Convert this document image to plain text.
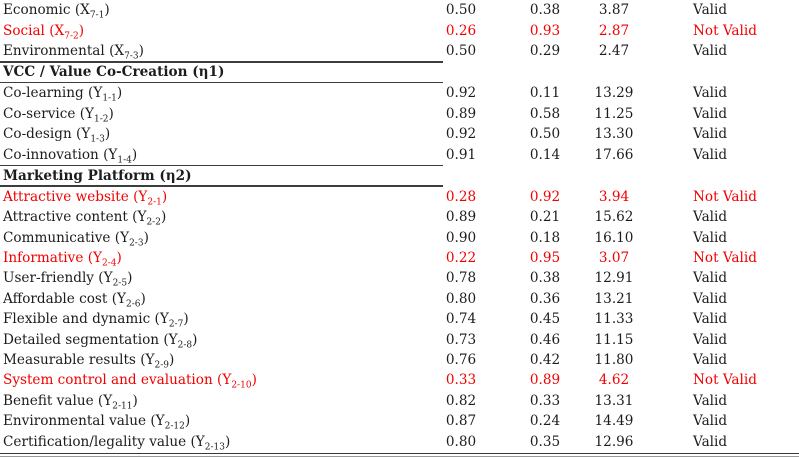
Economic $(X_{7-1})$	0.50	0.38	3.87	Valid
Social $(X_{7-2})$	0.26	0.93	2.87	Not Valid
Environmental $(X_{7-3})$	0.50	0.29	2.47	Valid
VCC / Value Co-Creation (η1)
Co-learning $(Y_{1-1})$	0.92	0.11	13.29	Valid
Co-service $(Y_{1-2})$	0.89	0.58	11.25	Valid
Co-design $(Y_{1-3})$	0.92	0.50	13.30	Valid
Co-innovation $(Y_{1-4})$	0.91	0.14	17.66	Valid
Marketing Platform (η2)
Attractive website $(Y_{2-1})$	0.28	0.92	3.94	Not Valid
Attractive content $(Y_{2-2})$	0.89	0.21	15.62	Valid
Communicative $(Y_{2-3})$	0.90	0.18	16.10	Valid
Informative $(Y_{2-4})$	0.22	0.95	3.07	Not Valid
User-friendly $(Y_{2-5})$	0.78	0.38	12.91	Valid
Affordable cost $(Y_{2-6})$	0.80	0.36	13.21	Valid
Flexible and dynamic $(Y_{2-7})$	0.74	0.45	11.33	Valid
Detailed segmentation $(Y_{2-8})$	0.73	0.46	11.15	Valid
Measurable results $(Y_{2-9})$	0.76	0.42	11.80	Valid
System control and evaluation $(Y_{2-10})$	0.33	0.89	4.62	Not Valid
Benefit value $(Y_{2-11})$	0.82	0.33	13.31	Valid
Environmental value $(Y_{2-12})$	0.87	0.24	14.49	Valid
Certification/legality value $(Y_{2-13})$	0.80	0.35	12.96	Valid
